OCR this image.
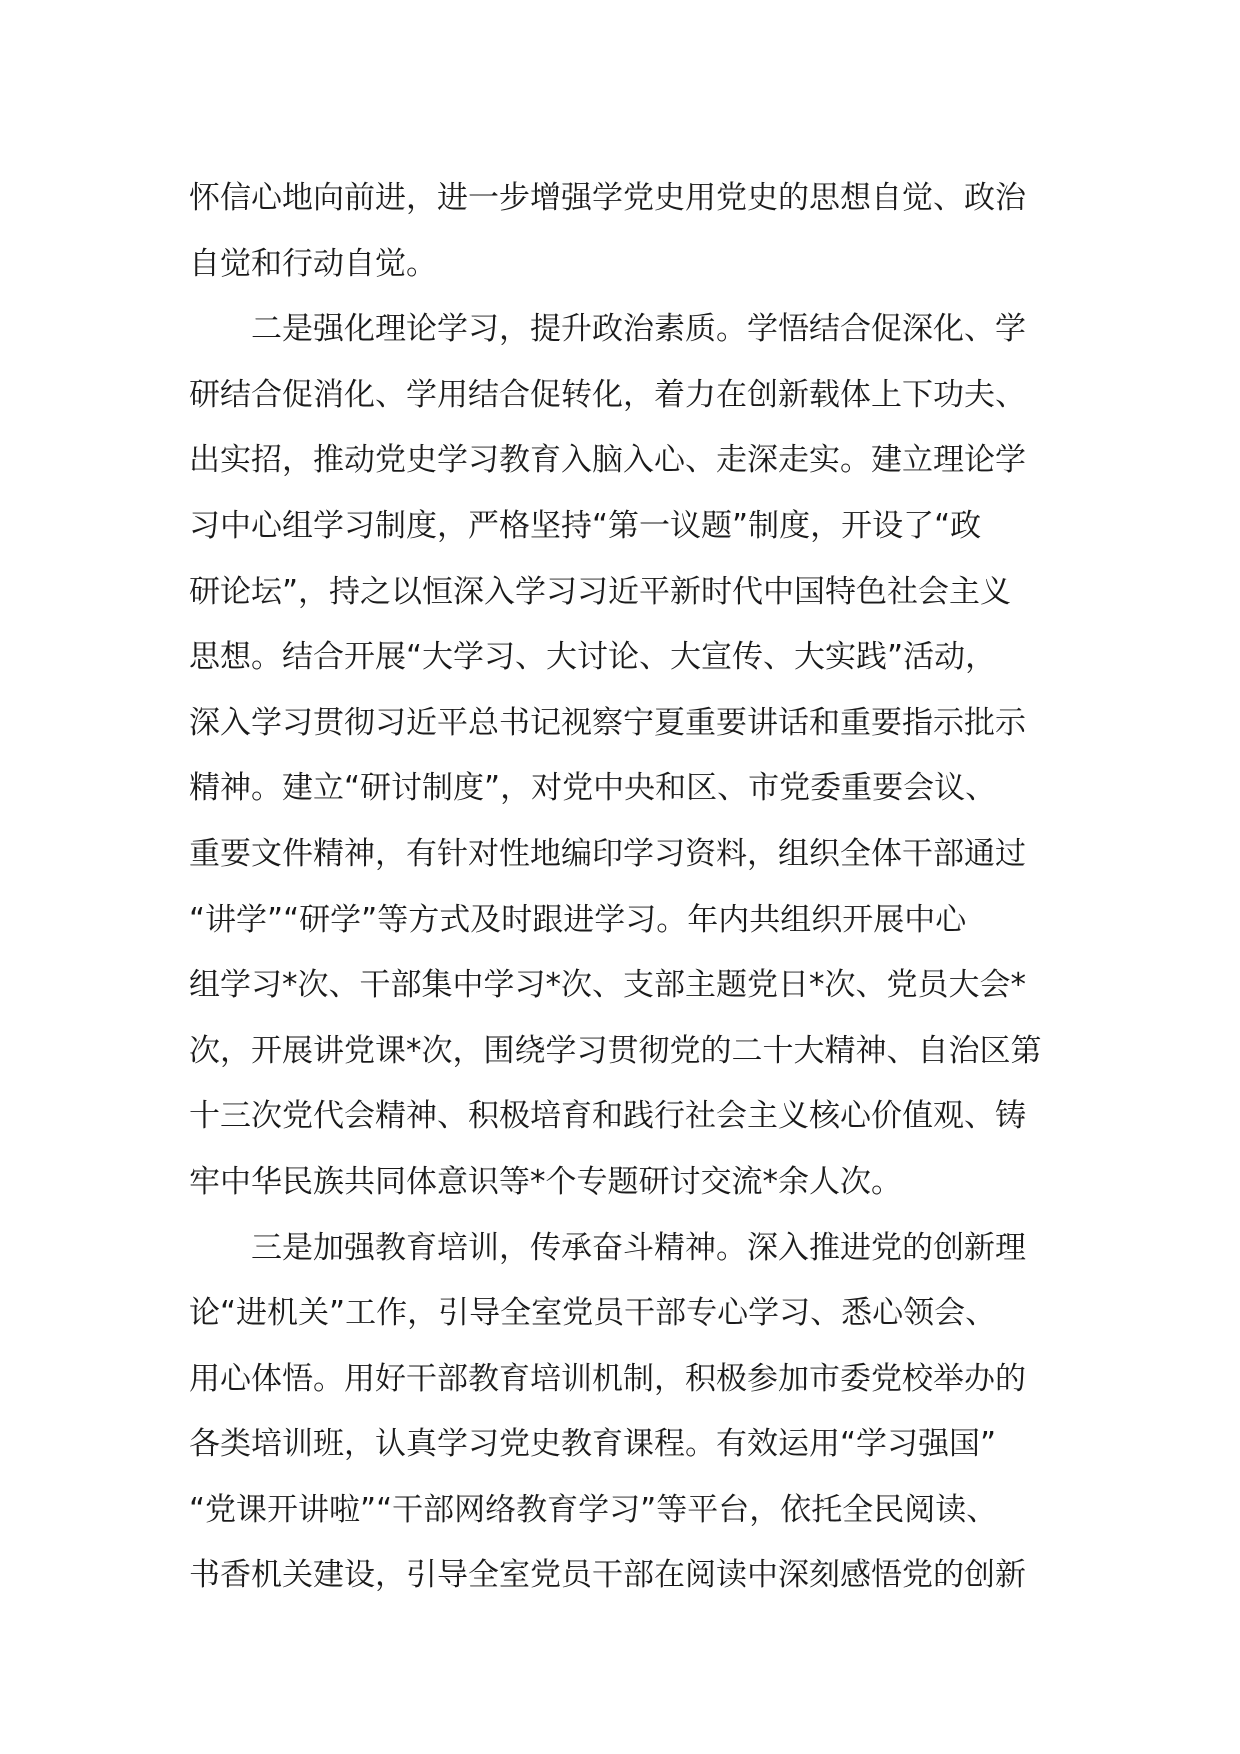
怀信心地向前进，进一步增强学党史用党史的思想自觉、政治
自觉和行动自觉。
二是强化理论学习，提升政治素质。学悟结合促深化、学
研结合促消化、学用结合促转化，着力在创新载体上下功夫、
出实招，推动党史学习教育入脑入心、走深走实。建立理论学
习中心组学习制度，严格坚持“第一议题”制度，开设了“政
研论坛”，持之以恒深入学习习近平新时代中国特色社会主义
思想。结合开展“大学习、大讨论、大宣传、大实践”活动，
深入学习贯彻习近平总书记视察宁夏重要讲话和重要指示批示
精神。建立“研讨制度”，对党中央和区、市党委重要会议、
重要文件精神，有针对性地编印学习资料，组织全体干部通过
“讲学”“研学”等方式及时跟进学习。年内共组织开展中心
组学习*次、干部集中学习*次、支部主题党日*次、党员大会*
次，开展讲党课*次，围绕学习贯彻党的二十大精神、自治区第
十三次党代会精神、积极培育和践行社会主义核心价值观、铸
牢中华民族共同体意识等*个专题研讨交流*余人次。
三是加强教育培训，传承奋斗精神。深入推进党的创新理
论“进机关”工作，引导全室党员干部专心学习、悉心领会、
用心体悟。用好干部教育培训机制，积极参加市委党校举办的
各类培训班，认真学习党史教育课程。有效运用“学习强国”
“党课开讲啦”“干部网络教育学习”等平台，依托全民阅读、
书香机关建设，引导全室党员干部在阅读中深刻感悟党的创新
